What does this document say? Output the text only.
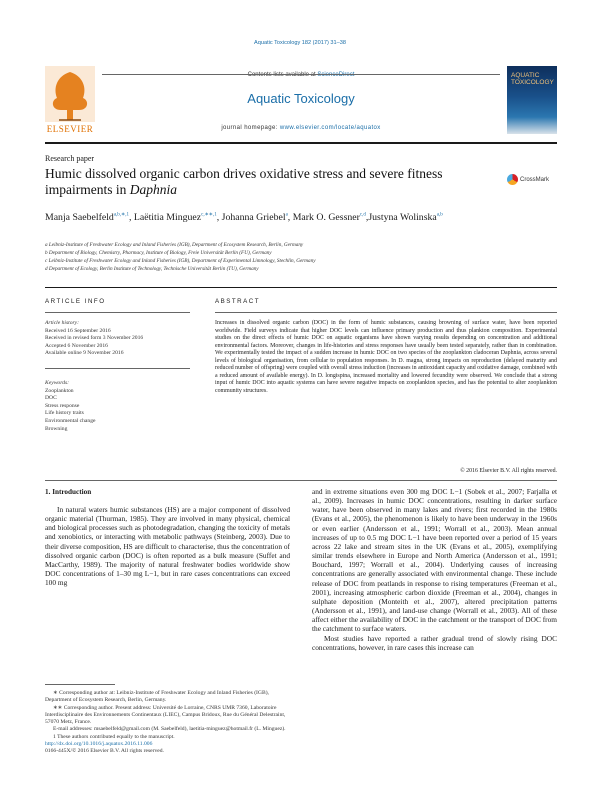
Aquatic Toxicology 182 (2017) 31–38
ELSEVIER
Contents lists available at ScienceDirect
Aquatic Toxicology
journal homepage: www.elsevier.com/locate/aquatox
AQUATIC TOXICOLOGY
Research paper
Humic dissolved organic carbon drives oxidative stress and severe fitness impairments in Daphnia
CrossMark
Manja Saebelfeld$^{a,b,∗,1}$, Laëtitia Minguez$^{c,∗∗,1}$, Johanna Griebel$^a$, Mark O. Gessner$^{c,d}$,Justyna Wolinska$^{a,b}$
a Leibniz-Institute of Freshwater Ecology and Inland Fisheries (IGB), Department of Ecosystem Research, Berlin, Germany
b Department of Biology, Chemistry, Pharmacy, Institute of Biology, Freie Universität Berlin (FU), Germany
c Leibniz-Institute of Freshwater Ecology and Inland Fisheries (IGB), Department of Experimental Limnology, Stechlin, Germany
d Department of Ecology, Berlin Institute of Technology, Technische Universität Berlin (TU), Germany
ARTICLE INFO	ABSTRACT
Article history:
Received 16 September 2016
Received in revised form 3 November 2016
Accepted 6 November 2016
Available online 9 November 2016
Keywords:
Zooplankton
DOC
Stress response
Life history traits
Environmental change
Browning
Increases in dissolved organic carbon (DOC) in the form of humic substances, causing browning of surface water, have been reported worldwide. Field surveys indicate that higher DOC levels can influence primary production and thus plankton composition. Experimental studies on the direct effects of humic DOC on aquatic organisms have shown varying results depending on concentration and additional environmental factors. Moreover, changes in life-histories and stress responses have usually been tested separately, rather than in combination. We experimentally tested the impact of a sudden increase in humic DOC on two species of the zooplankton cladoceran Daphnia, across several levels of biological organisation, from cellular to population responses. In D. magna, strong impacts on reproduction (delayed maturity and reduced number of offspring) were coupled with overall stress induction (increases in antioxidant capacity and oxidative damage, combined with a reduced amount of available energy). In D. longispina, increased mortality and lowered fecundity were observed. We conclude that a strong input of humic DOC into aquatic systems can have severe negative impacts on zooplankton species, and has the potential to alter zooplankton community structures.
© 2016 Elsevier B.V. All rights reserved.
1. Introduction
In natural waters humic substances (HS) are a major component of dissolved organic material (Thurman, 1985). They are involved in many physical, chemical and biological processes such as photodegradation, changing the toxicity of metals and xenobiotics, or interacting with metabolic pathways (Steinberg, 2003). Due to their diverse composition, HS are difficult to characterise, thus the concentration of dissolved organic carbon (DOC) is often reported as a bulk measure (Suffet and MacCarthy, 1989). The majority of natural freshwater bodies worldwide show DOC concentrations of 1–30 mg L−1, but in rare cases concentrations can exceed 100 mg

and in extreme situations even 300 mg DOC L−1 (Sobek et al., 2007; Farjalla et al., 2009). Increases in humic DOC concentrations, resulting in darker surface water, have been observed in many lakes and rivers; first recorded in the 1980s (Evans et al., 2005), the phenomenon is likely to have been underway in the 1960s or even earlier (Andersson et al., 1991; Worrall et al., 2003). Mean annual increases of up to 0.5 mg DOC L−1 have been reported over a period of 15 years across 22 lake and stream sites in the UK (Evans et al., 2005), exemplifying similar trends elsewhere in Europe and North America (Andersson et al., 1991; Bouchard, 1997; Worrall et al., 2004). Underlying causes of increasing concentrations are generally associated with environmental change. These include release of DOC from peatlands in response to rising temperatures (Freeman et al., 2001), increasing atmospheric carbon dioxide (Freeman et al., 2004), changes in sulphate deposition (Monteith et al., 2007), altered precipitation patterns (Andersson et al., 1991), and land-use change (Worrall et al., 2003). All of these affect either the availability of DOC in the catchment or the transport of DOC from the catchment to surface waters.

Most studies have reported a rather gradual trend of slowly rising DOC concentrations, however, in rare cases this increase can

∗ Corresponding author at: Leibniz-Institute of Freshwater Ecology and Inland Fisheries (IGB), Department of Ecosystem Research, Berlin, Germany.

∗∗ Corresponding author. Present address: Université de Lorraine, CNRS UMR 7360, Laboratoire Interdisciplinaire des Environnements Continentaux (LIEC), Campus Bridoux, Rue du Général Delestraint, 57070 Metz, France.

E-mail addresses: msaebelfeld@gmail.com (M. Saebelfeld), laetitia-minguez@hotmail.fr (L. Minguez).

1 These authors contributed equally to the manuscript.

http://dx.doi.org/10.1016/j.aquatox.2016.11.006
0166-445X/© 2016 Elsevier B.V. All rights reserved.
